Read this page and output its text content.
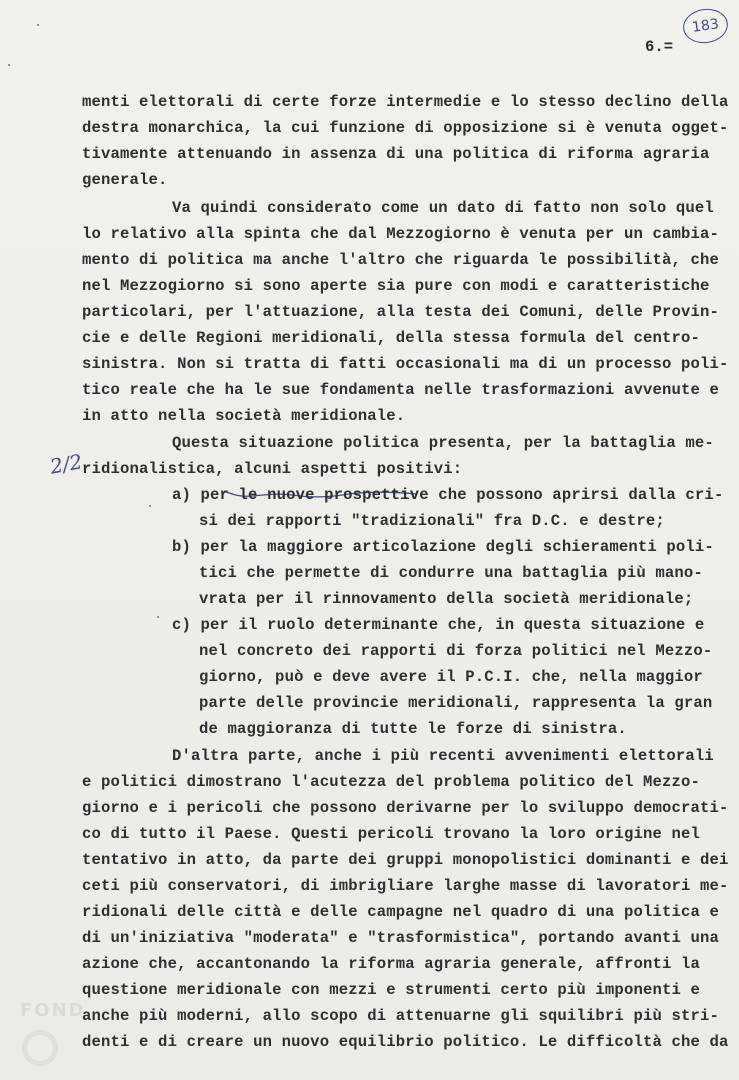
183
6.=
2/2
menti elettorali di certe forze intermedie e lo stesso declino della
destra monarchica, la cui funzione di opposizione si è venuta ogget-
tivamente attenuando in assenza di una politica di riforma agraria
generale.
Va quindi considerato come un dato di fatto non solo quel
lo relativo alla spinta che dal Mezzogiorno è venuta per un cambia-
mento di politica ma anche l'altro che riguarda le possibilità, che
nel Mezzogiorno si sono aperte sia pure con modi e caratteristiche
particolari, per l'attuazione, alla testa dei Comuni, delle Provin-
cie e delle Regioni meridionali, della stessa formula del centro-
sinistra. Non si tratta di fatti occasionali ma di un processo poli-
tico reale che ha le sue fondamenta nelle trasformazioni avvenute e
in atto nella società meridionale.
Questa situazione politica presenta, per la battaglia me-
ridionalistica, alcuni aspetti positivi:
a) per le nuove prospettive che possono aprirsi dalla cri-
si dei rapporti "tradizionali" fra D.C. e destre;
b) per la maggiore articolazione degli schieramenti poli-
tici che permette di condurre una battaglia più mano-
vrata per il rinnovamento della società meridionale;
c) per il ruolo determinante che, in questa situazione e
nel concreto dei rapporti di forza politici nel Mezzo-
giorno, può e deve avere il P.C.I. che, nella maggior
parte delle provincie meridionali, rappresenta la gran
de maggioranza di tutte le forze di sinistra.
D'altra parte, anche i più recenti avvenimenti elettorali
e politici dimostrano l'acutezza del problema politico del Mezzo-
giorno e i pericoli che possono derivarne per lo sviluppo democrati-
co di tutto il Paese. Questi pericoli trovano la loro origine nel
tentativo in atto, da parte dei gruppi monopolistici dominanti e dei
ceti più conservatori, di imbrigliare larghe masse di lavoratori me-
ridionali delle città e delle campagne nel quadro di una politica e
di un'iniziativa "moderata" e "trasformistica", portando avanti una
azione che, accantonando la riforma agraria generale, affronti la
questione meridionale con mezzi e strumenti certo più imponenti e
anche più moderni, allo scopo di attenuarne gli squilibri più stri-
denti e di creare un nuovo equilibrio politico. Le difficoltà che da
FOND
